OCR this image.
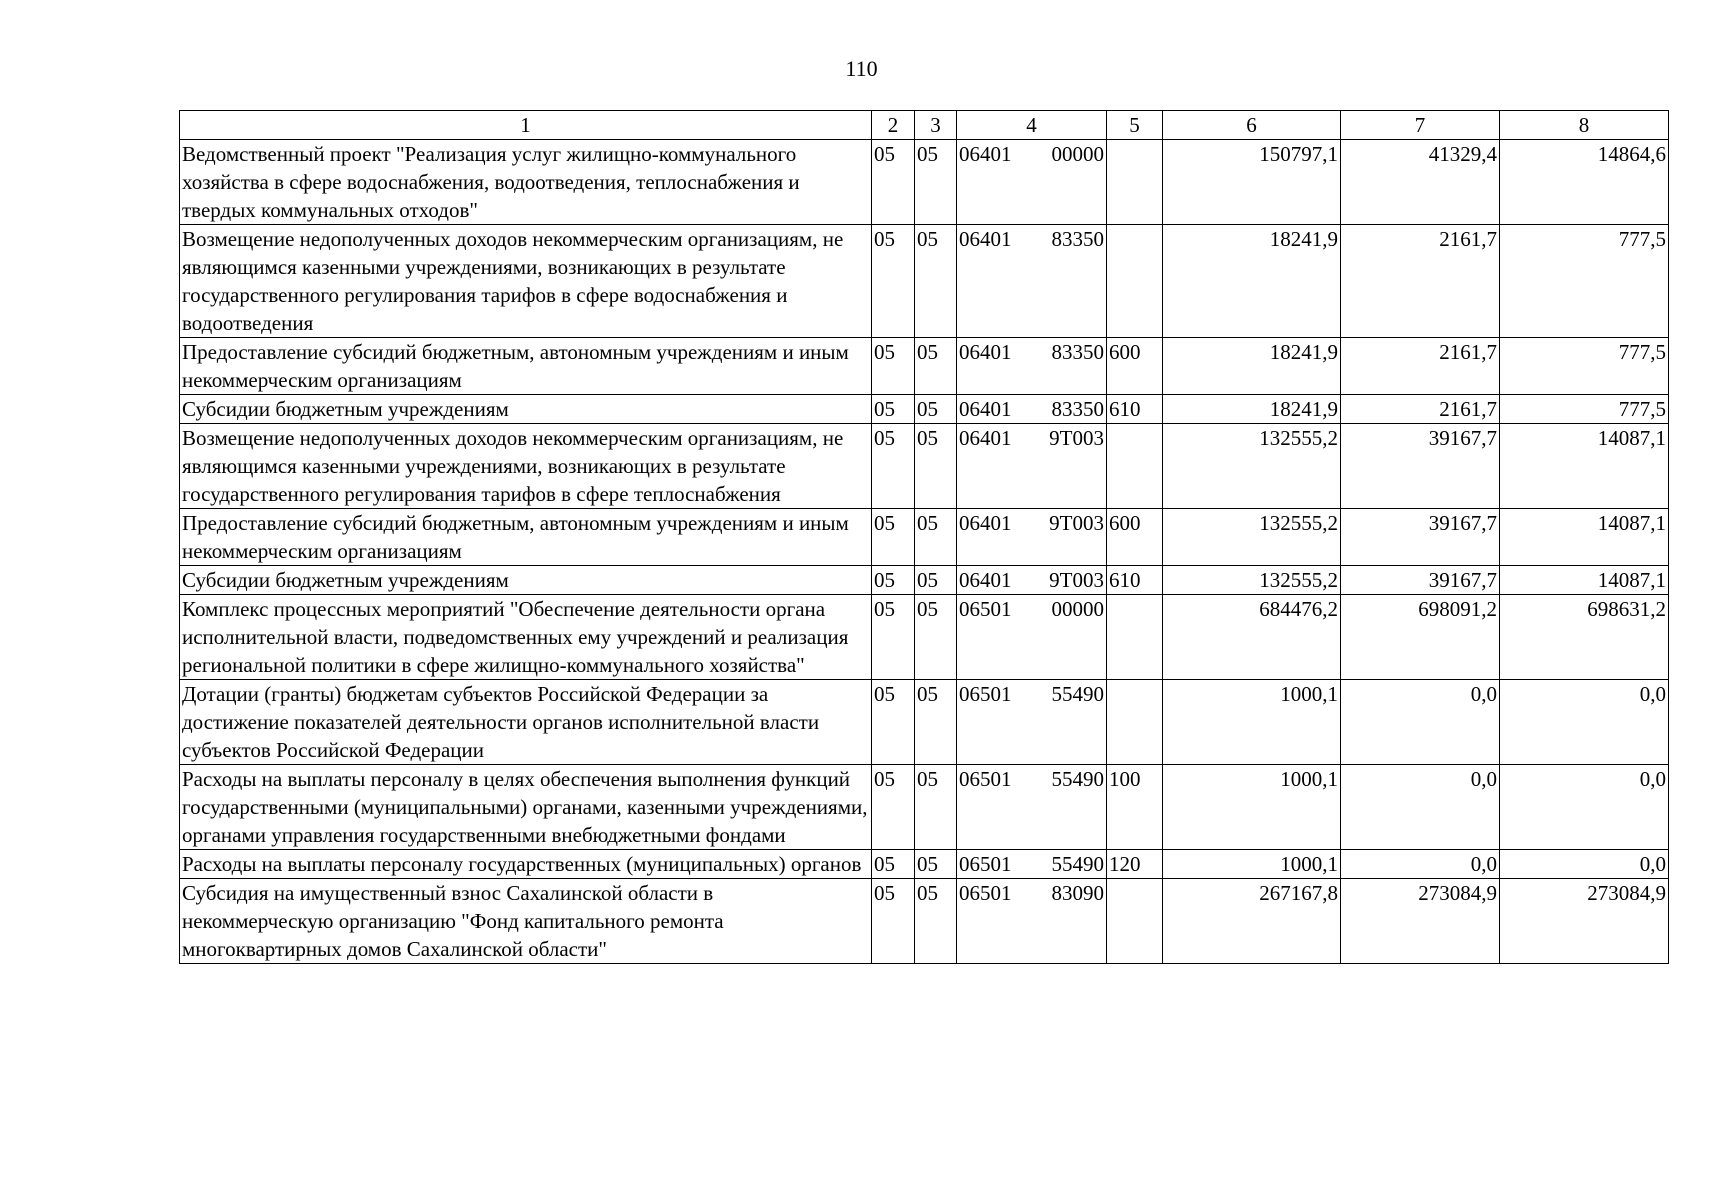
110
1	2	3	4		5	6	7	8
Ведомственный проект "Реализация услуг жилищно-коммунального хозяйства в сфере водоснабжения, водоотведения, теплоснабжения и твердых коммунальных отходов"	05	05	06401	00000		150797,1	41329,4	14864,6
Возмещение недополученных доходов некоммерческим организациям, не являющимся казенными учреждениями, возникающих в результате государственного регулирования тарифов в сфере водоснабжения и водоотведения	05	05	06401	83350		18241,9	2161,7	777,5
Предоставление субсидий бюджетным, автономным учреждениям и иным некоммерческим организациям	05	05	06401	83350	600	18241,9	2161,7	777,5
Субсидии бюджетным учреждениям	05	05	06401	83350	610	18241,9	2161,7	777,5
Возмещение недополученных доходов некоммерческим организациям, не являющимся казенными учреждениями, возникающих в результате государственного регулирования тарифов в сфере теплоснабжения	05	05	06401	9Т003		132555,2	39167,7	14087,1
Предоставление субсидий бюджетным, автономным учреждениям и иным некоммерческим организациям	05	05	06401	9Т003	600	132555,2	39167,7	14087,1
Субсидии бюджетным учреждениям	05	05	06401	9Т003	610	132555,2	39167,7	14087,1
Комплекс процессных мероприятий "Обеспечение деятельности органа исполнительной власти, подведомственных ему учреждений и реализация региональной политики в сфере жилищно-коммунального хозяйства"	05	05	06501	00000		684476,2	698091,2	698631,2
Дотации (гранты) бюджетам субъектов Российской Федерации за достижение показателей деятельности органов исполнительной власти субъектов Российской Федерации	05	05	06501	55490		1000,1	0,0	0,0
Расходы на выплаты персоналу в целях обеспечения выполнения функций государственными (муниципальными) органами, казенными учреждениями, органами управления государственными внебюджетными фондами	05	05	06501	55490	100	1000,1	0,0	0,0
Расходы на выплаты персоналу государственных (муниципальных) органов	05	05	06501	55490	120	1000,1	0,0	0,0
Субсидия на имущественный взнос Сахалинской области в некоммерческую организацию "Фонд капитального ремонта многоквартирных домов Сахалинской области"	05	05	06501	83090		267167,8	273084,9	273084,9
